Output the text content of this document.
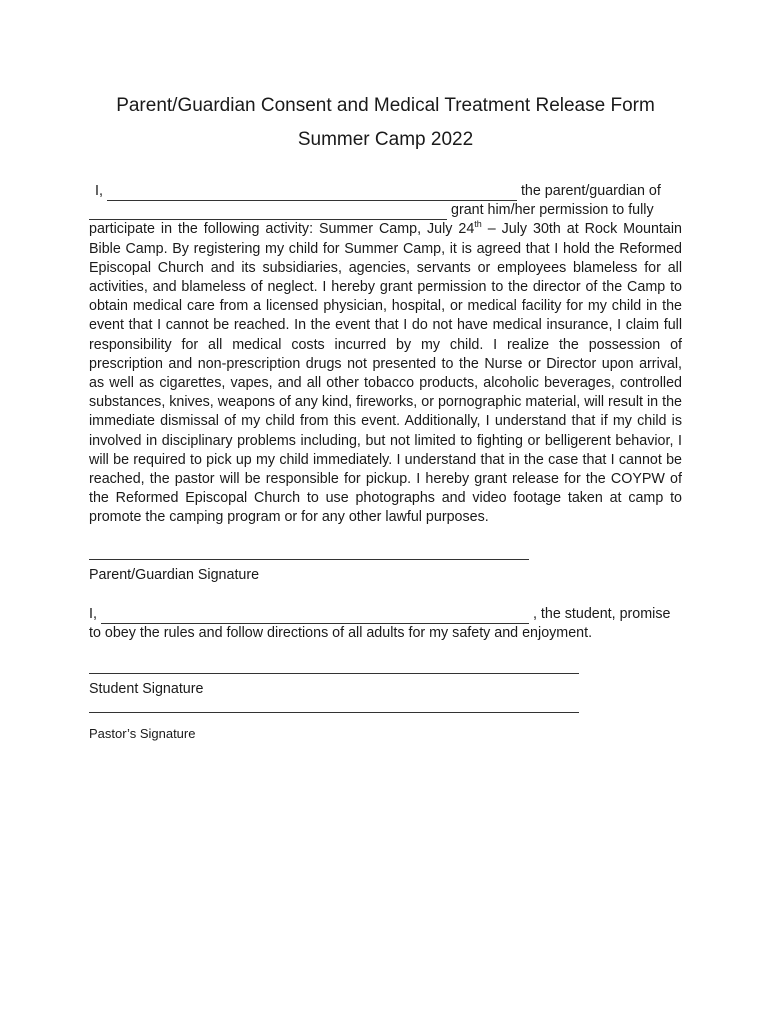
Parent/Guardian Consent and Medical Treatment Release Form
Summer Camp 2022
I,	the parent/guardian of
grant him/her permission to fully
participate in the following activity: Summer Camp, July 24th – July 30th at Rock Mountain Bible Camp. By registering my child for Summer Camp, it is agreed that I hold the Reformed Episcopal Church and its subsidiaries, agencies, servants or employees blameless for all activities, and blameless of neglect. I hereby grant permission to the director of the Camp to obtain medical care from a licensed physician, hospital, or medical facility for my child in the event that I cannot be reached. In the event that I do not have medical insurance, I claim full responsibility for all medical costs incurred by my child. I realize the possession of prescription and non-prescription drugs not presented to the Nurse or Director upon arrival, as well as cigarettes, vapes, and all other tobacco products, alcoholic beverages, controlled substances, knives, weapons of any kind, fireworks, or pornographic material, will result in the immediate dismissal of my child from this event. Additionally, I understand that if my child is involved in disciplinary problems including, but not limited to fighting or belligerent behavior, I will be required to pick up my child immediately. I understand that in the case that I cannot be reached, the pastor will be responsible for pickup. I hereby grant release for the COYPW of the Reformed Episcopal Church to use photographs and video footage taken at camp to promote the camping program or for any other lawful purposes.

Parent/Guardian Signature

I,	, the student, promise
to obey the rules and follow directions of all adults for my safety and enjoyment.

Student Signature

Pastor’s Signature
